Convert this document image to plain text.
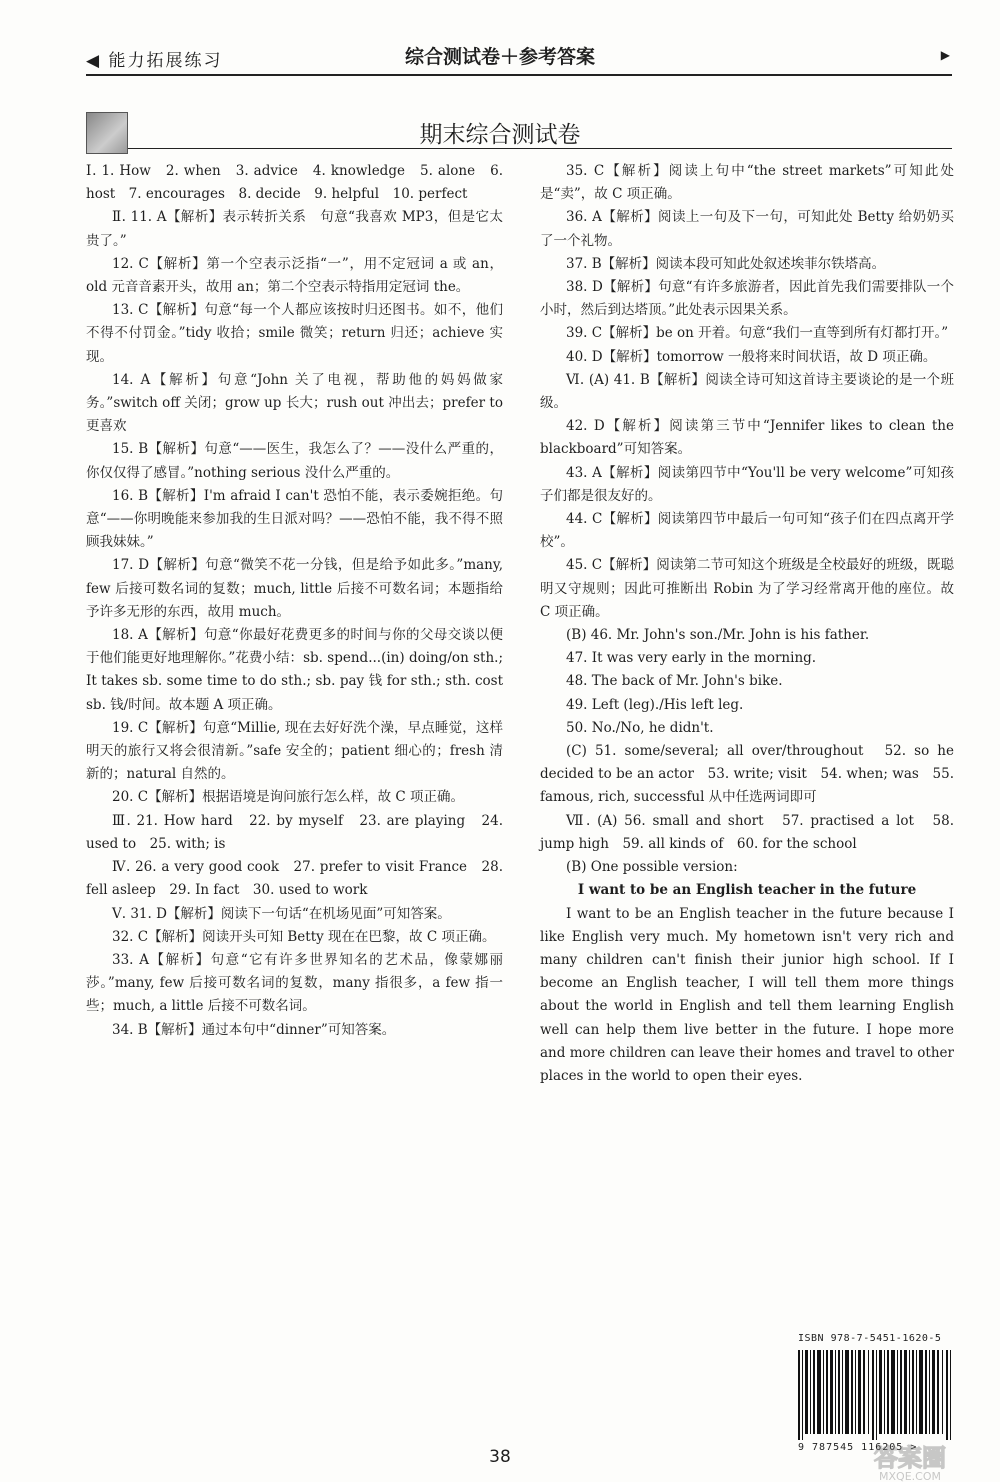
◀ 能力拓展练习	综合测试卷＋参考答案	▶
期末综合测试卷

Ⅰ. 1. How　2. when　3. advice　4. knowledge　5. alone　6. host　7. encourages　8. decide　9. helpful　10. perfect

Ⅱ. 11. A【解析】表示转折关系　句意“我喜欢 MP3，但是它太贵了。”

12. C【解析】第一个空表示泛指“一”，用不定冠词 a 或 an，old 元音音素开头，故用 an；第二个空表示特指用定冠词 the。

13. C【解析】句意“每一个人都应该按时归还图书。如不，他们不得不付罚金。”tidy 收拾；smile 微笑；return 归还；achieve 实现。

14. A【解析】句意“John 关了电视，帮助他的妈妈做家务。”switch off 关闭；grow up 长大；rush out 冲出去；prefer to 更喜欢

15. B【解析】句意“——医生，我怎么了？——没什么严重的，你仅仅得了感冒。”nothing serious 没什么严重的。

16. B【解析】I'm afraid I can't 恐怕不能，表示委婉拒绝。句意“——你明晚能来参加我的生日派对吗？——恐怕不能，我不得不照顾我妹妹。”

17. D【解析】句意“微笑不花一分钱，但是给予如此多。”many, few 后接可数名词的复数；much, little 后接不可数名词；本题指给予许多无形的东西，故用 much。

18. A【解析】句意“你最好花费更多的时间与你的父母交谈以便于他们能更好地理解你。”花费小结：sb. spend...(in) doing/on sth.; It takes sb. some time to do sth.; sb. pay 钱 for sth.; sth. cost sb. 钱/时间。故本题 A 项正确。

19. C【解析】句意“Millie, 现在去好好洗个澡，早点睡觉，这样明天的旅行又将会很清新。”safe 安全的；patient 细心的；fresh 清新的；natural 自然的。

20. C【解析】根据语境是询问旅行怎么样，故 C 项正确。

Ⅲ. 21. How hard　22. by myself　23. are playing　24. used to　25. with; is

Ⅳ. 26. a very good cook　27. prefer to visit France　28. fell asleep　29. In fact　30. used to work

Ⅴ. 31. D【解析】阅读下一句话“在机场见面”可知答案。

32. C【解析】阅读开头可知 Betty 现在在巴黎，故 C 项正确。

33. A【解析】句意“它有许多世界知名的艺术品，像蒙娜丽莎。”many, few 后接可数名词的复数，many 指很多，a few 指一些；much, a little 后接不可数名词。

34. B【解析】通过本句中“dinner”可知答案。

35. C【解析】阅读上句中“the street markets”可知此处是“卖”，故 C 项正确。

36. A【解析】阅读上一句及下一句，可知此处 Betty 给奶奶买了一个礼物。

37. B【解析】阅读本段可知此处叙述埃菲尔铁塔高。

38. D【解析】句意“有许多旅游者，因此首先我们需要排队一个小时，然后到达塔顶。”此处表示因果关系。

39. C【解析】be on 开着。句意“我们一直等到所有灯都打开。”

40. D【解析】tomorrow 一般将来时间状语，故 D 项正确。

Ⅵ. (A) 41. B【解析】阅读全诗可知这首诗主要谈论的是一个班级。

42. D【解析】阅读第三节中“Jennifer likes to clean the blackboard”可知答案。

43. A【解析】阅读第四节中“You'll be very welcome”可知孩子们都是很友好的。

44. C【解析】阅读第四节中最后一句可知“孩子们在四点离开学校”。

45. C【解析】阅读第二节可知这个班级是全校最好的班级，既聪明又守规则；因此可推断出 Robin 为了学习经常离开他的座位。故 C 项正确。

(B) 46. Mr. John's son./Mr. John is his father.

47. It was very early in the morning.

48. The back of Mr. John's bike.

49. Left (leg)./His left leg.

50. No./No, he didn't.

(C) 51. some/several; all over/throughout　52. so he decided to be an actor　53. write; visit　54. when; was　55. famous, rich, successful 从中任选两词即可

Ⅶ. (A) 56. small and short　57. practised a lot　58. jump high　59. all kinds of　60. for the school

(B) One possible version:

I want to be an English teacher in the future

I want to be an English teacher in the future because I like English very much. My hometown isn't very rich and many children can't finish their junior high school. If I become an English teacher, I will tell them more things about the world in English and tell them learning English well can help them live better in the future. I hope more and more children can leave their homes and travel to other places in the world to open their eyes.

ISBN 978-7-5451-1620-5
9 787545 116205 >
38	答案圈
MXQE.COM
